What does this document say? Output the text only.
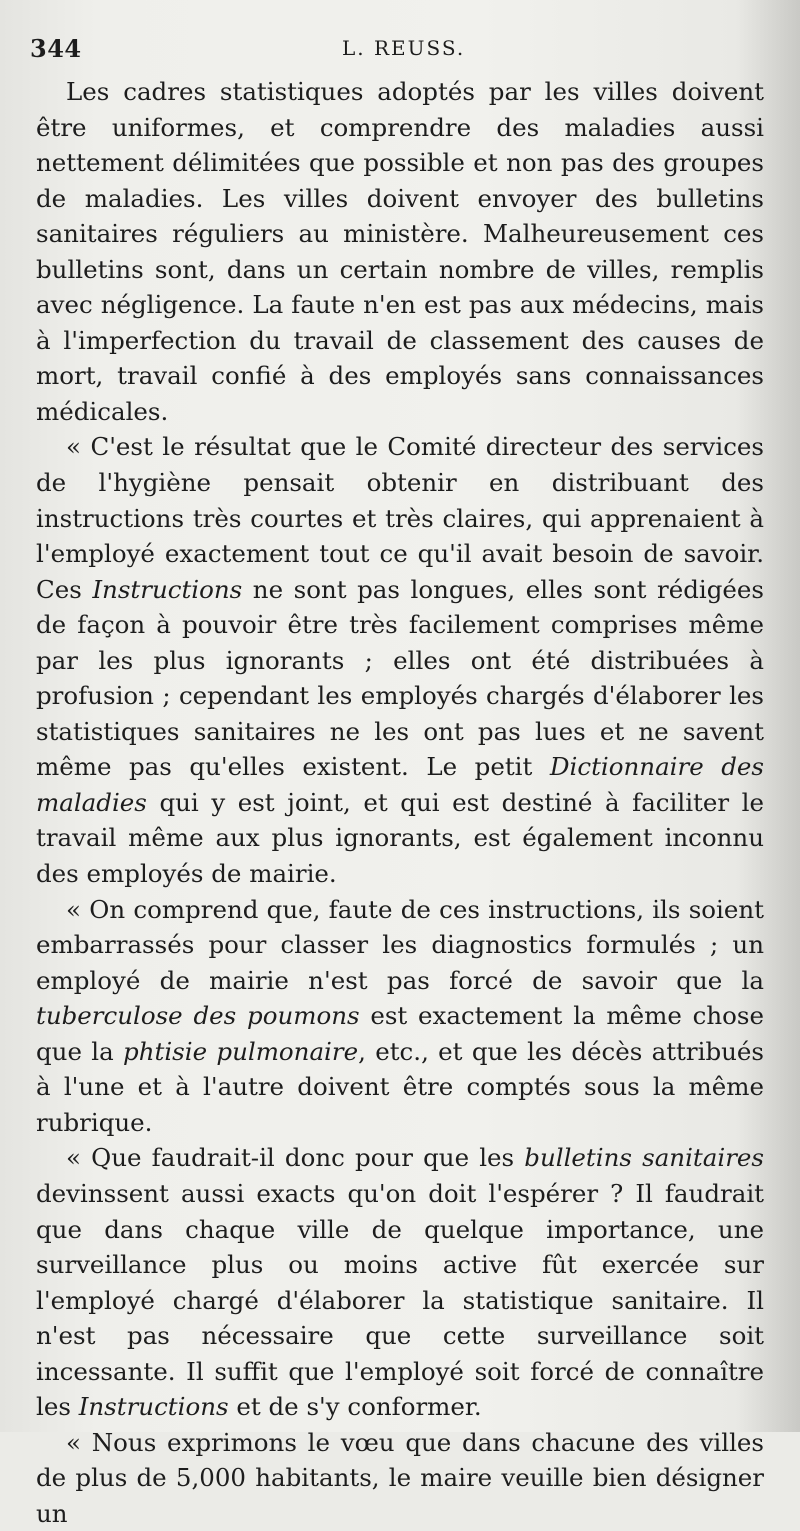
344	L. REUSS.

Les cadres statistiques adoptés par les villes doivent être uniformes, et comprendre des maladies aussi nettement délimitées que possible et non pas des groupes de maladies. Les villes doivent envoyer des bulletins sanitaires réguliers au ministère. Malheureusement ces bulletins sont, dans un certain nombre de villes, remplis avec négligence. La faute n'en est pas aux médecins, mais à l'imperfection du travail de classement des causes de mort, travail confié à des employés sans connaissances médicales.

« C'est le résultat que le Comité directeur des services de l'hygiène pensait obtenir en distribuant des instructions très courtes et très claires, qui apprenaient à l'employé exactement tout ce qu'il avait besoin de savoir. Ces Instructions ne sont pas longues, elles sont rédigées de façon à pouvoir être très facilement comprises même par les plus ignorants ; elles ont été distribuées à profusion ; cependant les employés chargés d'élaborer les statistiques sanitaires ne les ont pas lues et ne savent même pas qu'elles existent. Le petit Dictionnaire des maladies qui y est joint, et qui est destiné à faciliter le travail même aux plus ignorants, est également inconnu des employés de mairie.

« On comprend que, faute de ces instructions, ils soient embarrassés pour classer les diagnostics formulés ; un employé de mairie n'est pas forcé de savoir que la tuberculose des poumons est exactement la même chose que la phtisie pulmonaire, etc., et que les décès attribués à l'une et à l'autre doivent être comptés sous la même rubrique.

« Que faudrait-il donc pour que les bulletins sanitaires devinssent aussi exacts qu'on doit l'espérer ? Il faudrait que dans chaque ville de quelque importance, une surveillance plus ou moins active fût exercée sur l'employé chargé d'élaborer la statistique sanitaire. Il n'est pas nécessaire que cette surveillance soit incessante. Il suffit que l'employé soit forcé de connaître les Instructions et de s'y conformer.

« Nous exprimons le vœu que dans chacune des villes de plus de 5,000 habitants, le maire veuille bien désigner un
